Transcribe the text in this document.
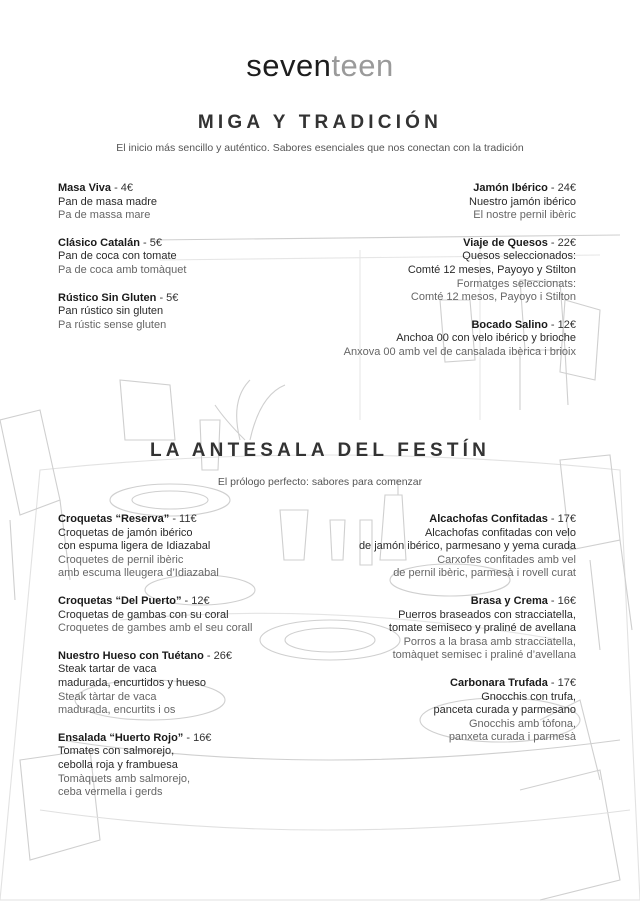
seventeen
MIGA Y TRADICIÓN
El inicio más sencillo y auténtico. Sabores esenciales que nos conectan con la tradición
Masa Viva - 4€
Pan de masa madre
Pa de massa mare
Clásico Catalán - 5€
Pan de coca con tomate
Pa de coca amb tomàquet
Rústico Sin Gluten - 5€
Pan rústico sin gluten
Pa rústic sense gluten
Jamón Ibérico - 24€
Nuestro jamón ibérico
El nostre pernil ibèric
Viaje de Quesos - 22€
Quesos seleccionados:
Comté 12 meses, Payoyo y Stilton
Formatges seleccionats:
Comté 12 mesos, Payoyo i Stilton
Bocado Salino - 12€
Anchoa 00 con velo ibérico y brioche
Anxova 00 amb vel de cansalada ibèrica i brioix
LA ANTESALA DEL FESTÍN
El prólogo perfecto: sabores para comenzar
Croquetas “Reserva” - 11€
Croquetas de jamón ibérico
con espuma ligera de Idiazabal
Croquetes de pernil ibèric
amb escuma lleugera d’Idiazabal
Croquetas “Del Puerto” - 12€
Croquetas de gambas con su coral
Croquetes de gambes amb el seu corall
Nuestro Hueso con Tuétano - 26€
Steak tartar de vaca
madurada, encurtidos y hueso
Steak tàrtar de vaca
madurada, encurtits i os
Ensalada “Huerto Rojo” - 16€
Tomates con salmorejo,
cebolla roja y frambuesa
Tomàquets amb salmorejo,
ceba vermella i gerds
Alcachofas Confitadas - 17€
Alcachofas confitadas con velo
de jamón ibérico, parmesano y yema curada
Carxofes confitades amb vel
de pernil ibèric, parmesà i rovell curat
Brasa y Crema - 16€
Puerros braseados con stracciatella,
tomate semiseco y praliné de avellana
Porros a la brasa amb stracciatella,
tomàquet semisec i praliné d’avellana
Carbonara Trufada - 17€
Gnocchis con trufa,
panceta curada y parmesano
Gnocchis amb tòfona,
panxeta curada i parmesà
